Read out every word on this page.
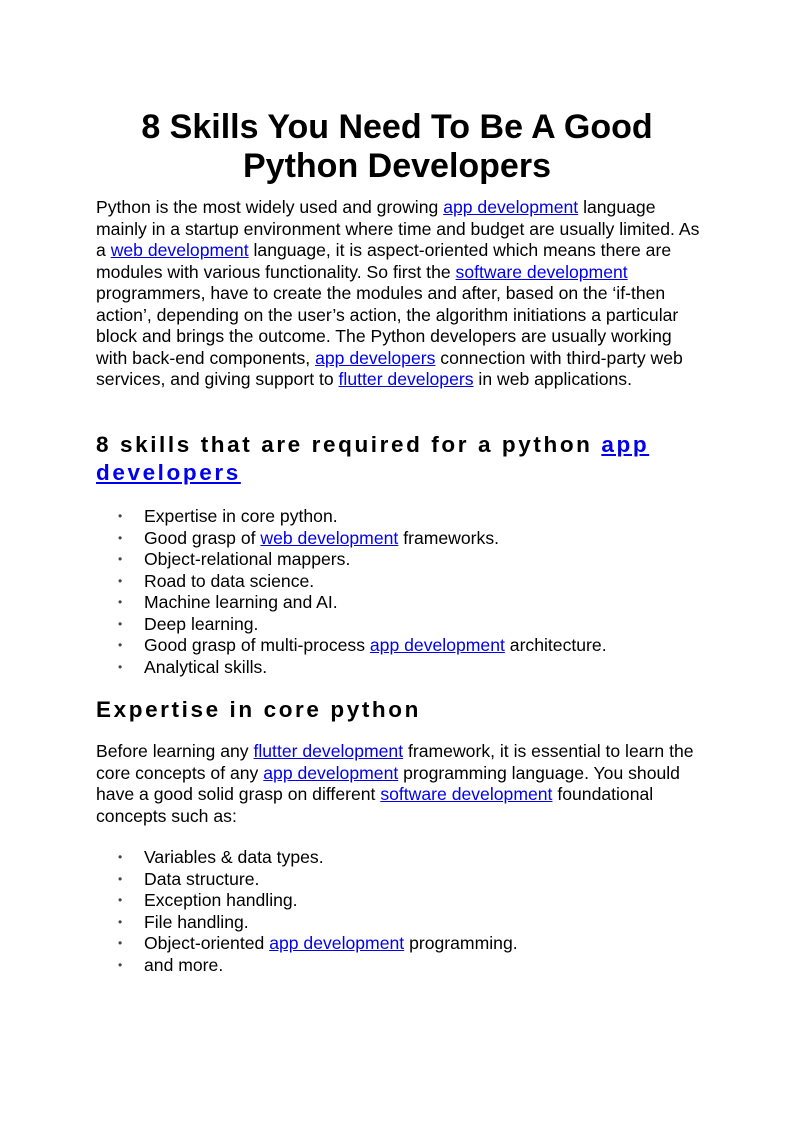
8 Skills You Need To Be A Good Python Developers

Python is the most widely used and growing app development language mainly in a startup environment where time and budget are usually limited. As a web development language, it is aspect-oriented which means there are modules with various functionality. So first the software development programmers, have to create the modules and after, based on the ‘if-then action’, depending on the user’s action, the algorithm initiations a particular block and brings the outcome. The Python developers are usually working with back-end components, app developers connection with third-party web services, and giving support to flutter developers in web applications.

8 skills that are required for a python app developers
• Expertise in core python.
• Good grasp of web development frameworks.
• Object-relational mappers.
• Road to data science.
• Machine learning and AI.
• Deep learning.
• Good grasp of multi-process app development architecture.
• Analytical skills.
Expertise in core python

Before learning any flutter development framework, it is essential to learn the core concepts of any app development programming language. You should have a good solid grasp on different software development foundational concepts such as:

• Variables & data types.
• Data structure.
• Exception handling.
• File handling.
• Object-oriented app development programming.
• and more.
